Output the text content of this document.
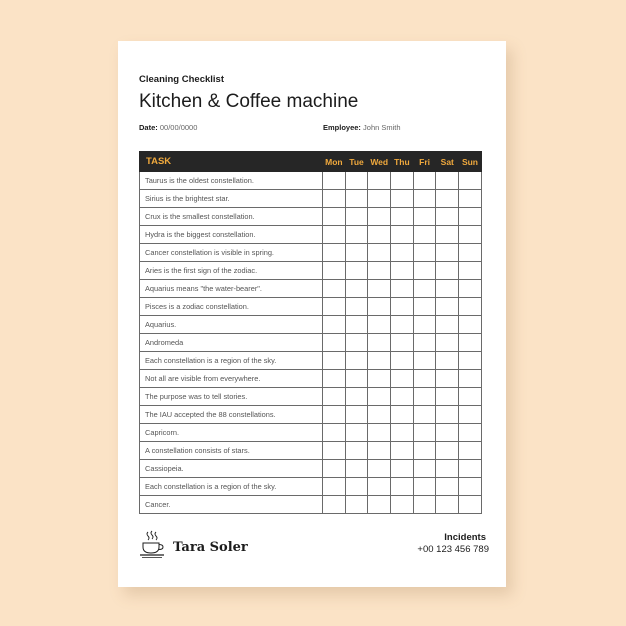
Cleaning Checklist
Kitchen & Coffee machine
Date: 00/00/0000	Employee: John Smith
TASK	Mon	Tue	Wed	Thu	Fri	Sat	Sun
Taurus is the oldest constellation.							
Sirius is the brightest star.							
Crux is the smallest constellation.							
Hydra is the biggest constellation.							
Cancer constellation is visible in spring.							
Aries is the first sign of the zodiac.							
Aquarius means "the water-bearer".							
Pisces is a zodiac constellation.							
Aquarius.							
Andromeda							
Each constellation is a region of the sky.							
Not all are visible from everywhere.							
The purpose was to tell stories.							
The IAU accepted the 88 constellations.							
Capricorn.							
A constellation consists of stars.							
Cassiopeia.							
Each constellation is a region of the sky.							
Cancer.							
Tara Soler
Incidents
+00 123 456 789
